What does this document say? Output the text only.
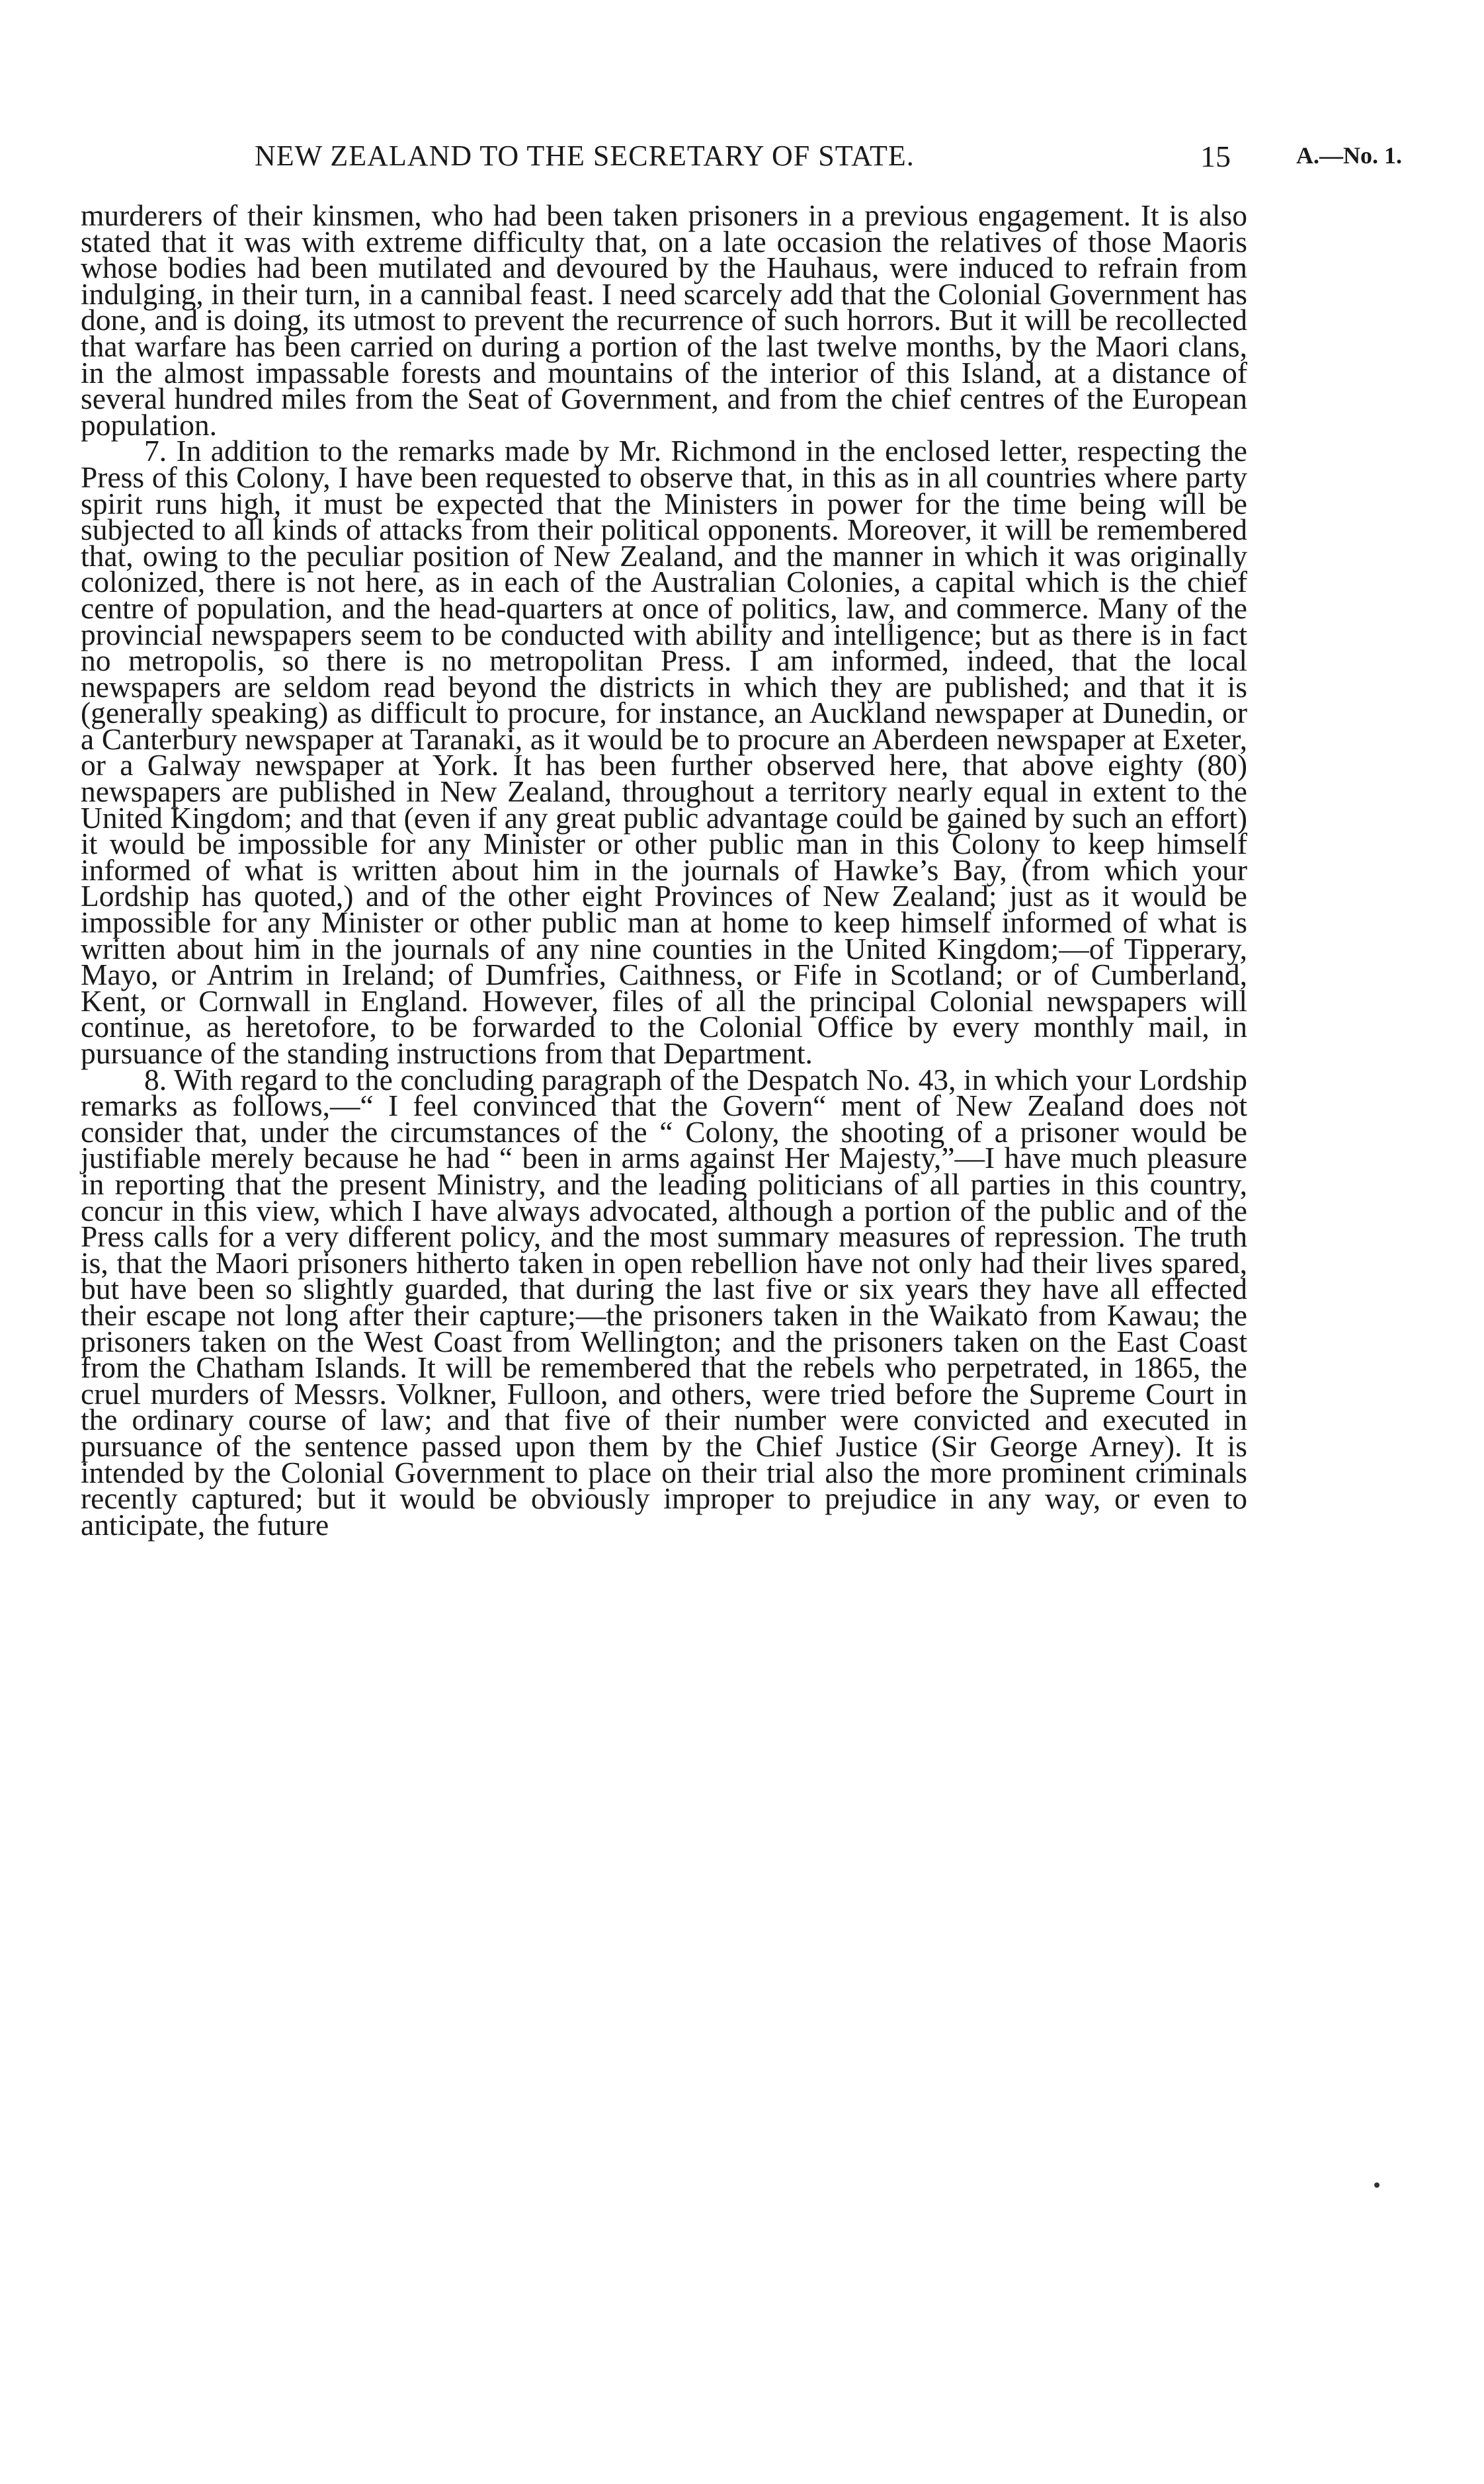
NEW ZEALAND TO THE SECRETARY OF STATE.	15	A.—No. 1.

murderers of their kinsmen, who had been taken prisoners in a previous engagement. It is also stated that it was with extreme difficulty that, on a late occasion the relatives of those Maoris whose bodies had been mutilated and devoured by the Hauhaus, were induced to refrain from indulging, in their turn, in a cannibal feast. I need scarcely add that the Colonial Government has done, and is doing, its utmost to prevent the recurrence of such horrors. But it will be recollected that warfare has been carried on during a portion of the last twelve months, by the Maori clans, in the almost impassable forests and mountains of the interior of this Island, at a distance of several hundred miles from the Seat of Government, and from the chief centres of the European population.

7. In addition to the remarks made by Mr. Richmond in the enclosed letter, respecting the Press of this Colony, I have been requested to observe that, in this as in all countries where party spirit runs high, it must be expected that the Ministers in power for the time being will be subjected to all kinds of attacks from their political opponents. Moreover, it will be remembered that, owing to the peculiar position of New Zealand, and the manner in which it was originally colonized, there is not here, as in each of the Australian Colonies, a capital which is the chief centre of population, and the head-quarters at once of politics, law, and commerce. Many of the provincial newspapers seem to be conducted with ability and intelligence; but as there is in fact no metropolis, so there is no metropolitan Press. I am informed, indeed, that the local newspapers are seldom read beyond the districts in which they are published; and that it is (generally speaking) as difficult to procure, for instance, an Auckland newspaper at Dunedin, or a Canterbury newspaper at Taranaki, as it would be to procure an Aberdeen newspaper at Exeter, or a Galway newspaper at York. It has been further observed here, that above eighty (80) newspapers are published in New Zealand, throughout a territory nearly equal in extent to the United Kingdom; and that (even if any great public advantage could be gained by such an effort) it would be impossible for any Minister or other public man in this Colony to keep himself informed of what is written about him in the journals of Hawke’s Bay, (from which your Lordship has quoted,) and of the other eight Provinces of New Zealand; just as it would be impossible for any Minister or other public man at home to keep himself informed of what is written about him in the journals of any nine counties in the United Kingdom;—of Tipperary, Mayo, or Antrim in Ireland; of Dumfries, Caithness, or Fife in Scotland; or of Cumberland, Kent, or Cornwall in England. However, files of all the principal Colonial newspapers will continue, as heretofore, to be forwarded to the Colonial Office by every monthly mail, in pursuance of the standing instructions from that Department.

8. With regard to the concluding paragraph of the Despatch No. 43, in which your Lordship remarks as follows,—“ I feel convinced that the Govern“ ment of New Zealand does not consider that, under the circumstances of the “ Colony, the shooting of a prisoner would be justifiable merely because he had “ been in arms against Her Majesty,”—I have much pleasure in reporting that the present Ministry, and the leading politicians of all parties in this country, concur in this view, which I have always advocated, although a portion of the public and of the Press calls for a very different policy, and the most summary measures of repression. The truth is, that the Maori prisoners hitherto taken in open rebellion have not only had their lives spared, but have been so slightly guarded, that during the last five or six years they have all effected their escape not long after their capture;—the prisoners taken in the Waikato from Kawau; the prisoners taken on the West Coast from Wellington; and the prisoners taken on the East Coast from the Chatham Islands. It will be remembered that the rebels who perpetrated, in 1865, the cruel murders of Messrs. Volkner, Fulloon, and others, were tried before the Supreme Court in the ordinary course of law; and that five of their number were convicted and executed in pursuance of the sentence passed upon them by the Chief Justice (Sir George Arney). It is intended by the Colonial Government to place on their trial also the more prominent criminals recently captured; but it would be obviously improper to prejudice in any way, or even to anticipate, the future
